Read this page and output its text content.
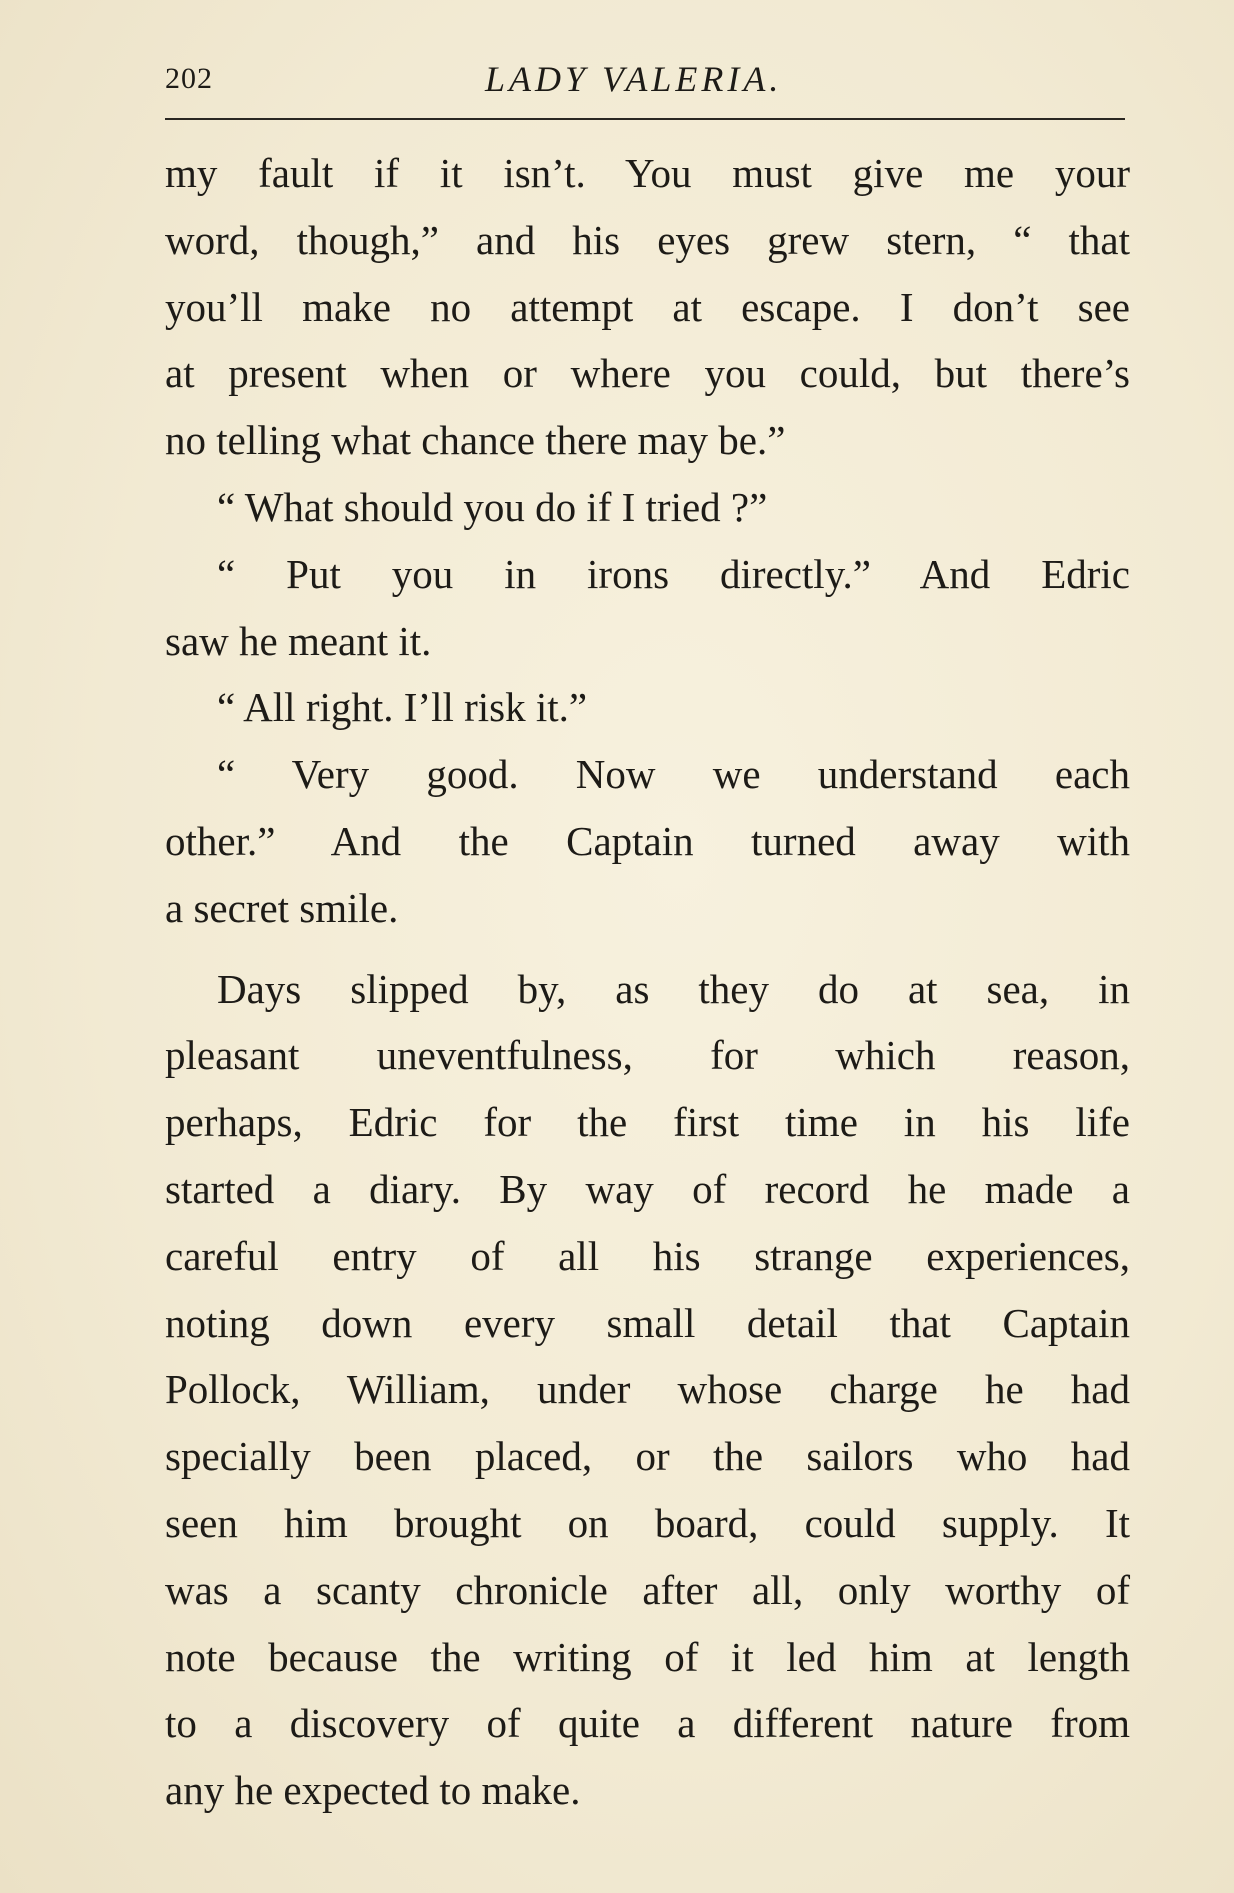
202	LADY VALERIA.
my fault if it isn’t. You must give me your
word, though,” and his eyes grew stern, “ that
you’ll make no attempt at escape. I don’t see
at present when or where you could, but there’s
no telling what chance there may be.”
“ What should you do if I tried ?”
“ Put you in irons directly.” And Edric
saw he meant it.
“ All right. I’ll risk it.”
“ Very good. Now we understand each
other.” And the Captain turned away with
a secret smile.
Days slipped by, as they do at sea, in
pleasant uneventfulness, for which reason,
perhaps, Edric for the first time in his life
started a diary. By way of record he made a
careful entry of all his strange experiences,
noting down every small detail that Captain
Pollock, William, under whose charge he had
specially been placed, or the sailors who had
seen him brought on board, could supply. It
was a scanty chronicle after all, only worthy of
note because the writing of it led him at length
to a discovery of quite a different nature from
any he expected to make.
